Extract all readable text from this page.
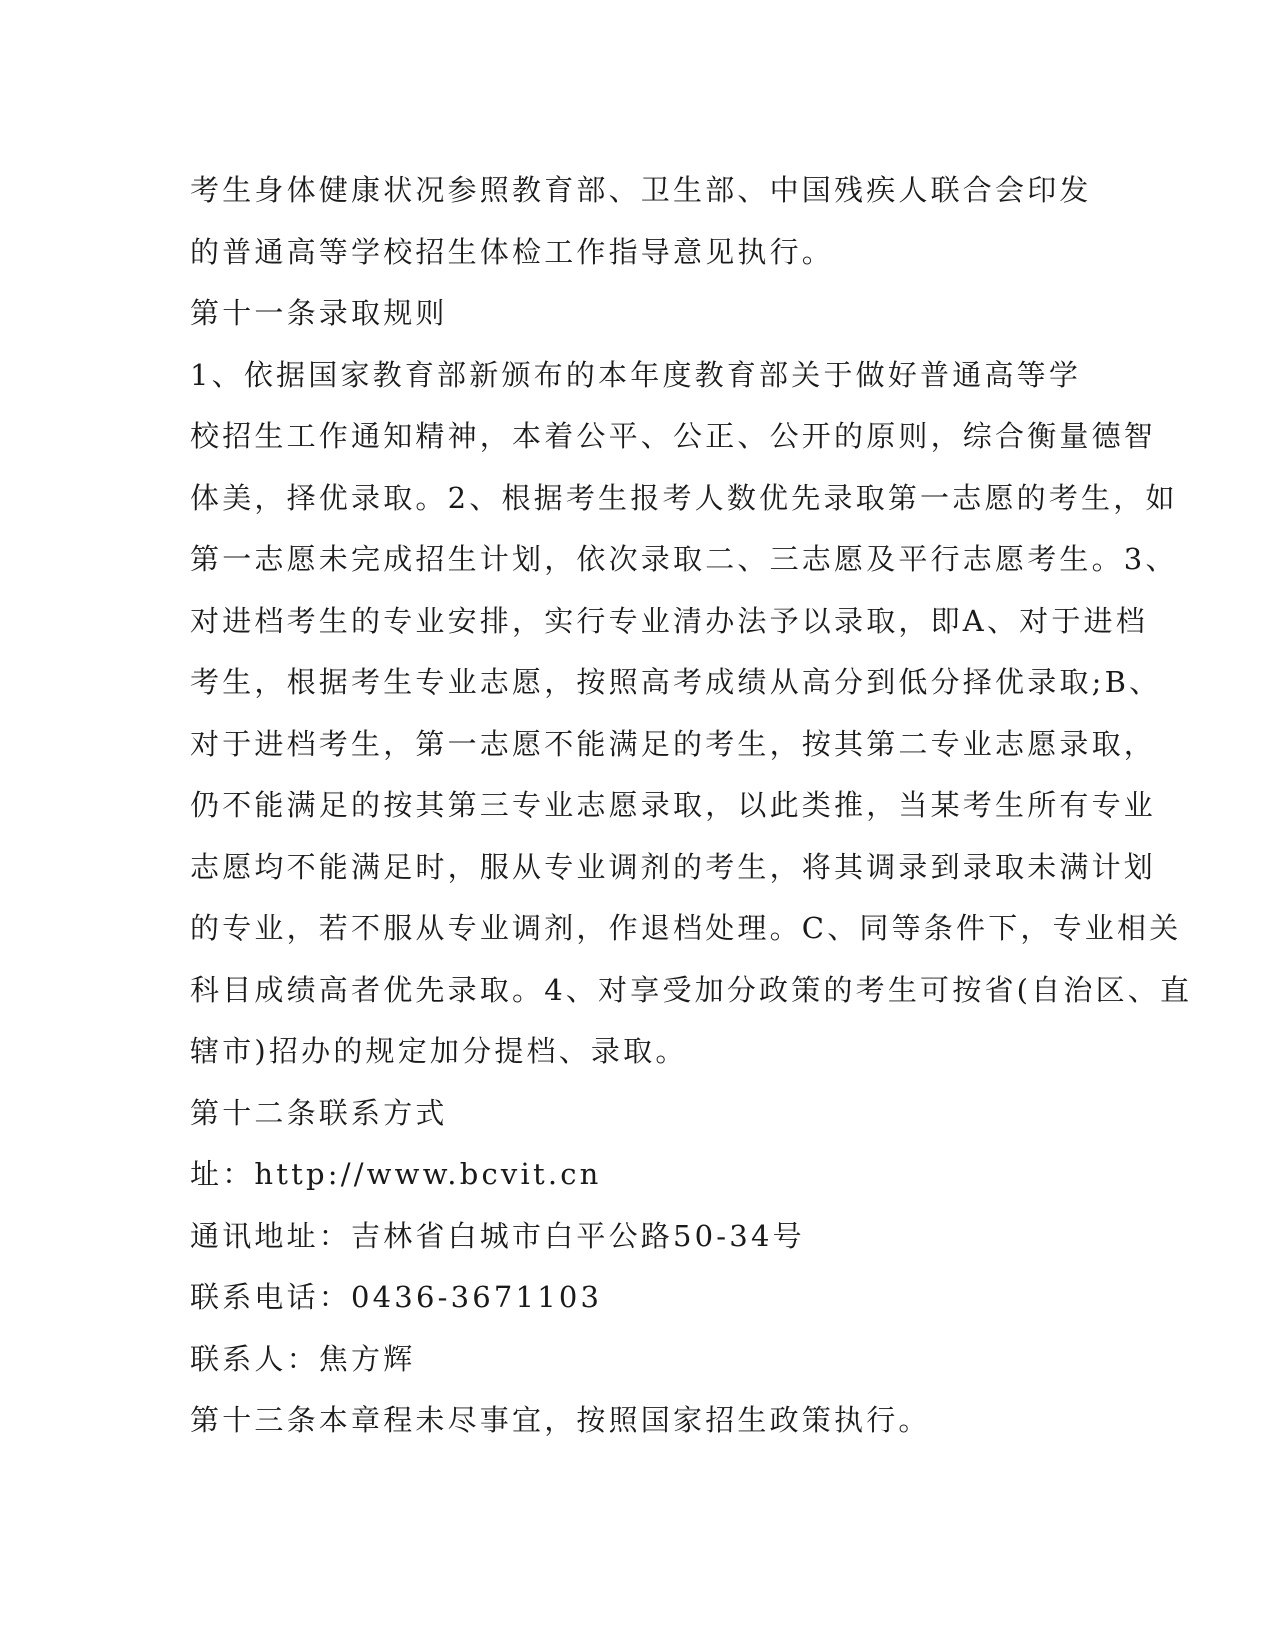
考生身体健康状况参照教育部、卫生部、中国残疾人联合会印发

的普通高等学校招生体检工作指导意见执行。

第十一条录取规则

1、依据国家教育部新颁布的本年度教育部关于做好普通高等学

校招生工作通知精神，本着公平、公正、公开的原则，综合衡量德智

体美，择优录取。2、根据考生报考人数优先录取第一志愿的考生，如

第一志愿未完成招生计划，依次录取二、三志愿及平行志愿考生。3、

对进档考生的专业安排，实行专业清办法予以录取，即A、对于进档

考生，根据考生专业志愿，按照高考成绩从高分到低分择优录取;B、

对于进档考生，第一志愿不能满足的考生，按其第二专业志愿录取，

仍不能满足的按其第三专业志愿录取，以此类推，当某考生所有专业

志愿均不能满足时，服从专业调剂的考生，将其调录到录取未满计划

的专业，若不服从专业调剂，作退档处理。C、同等条件下，专业相关

科目成绩高者优先录取。4、对享受加分政策的考生可按省(自治区、直

辖市)招办的规定加分提档、录取。

第十二条联系方式

址：http://www.bcvit.cn

通讯地址：吉林省白城市白平公路50-34号

联系电话：0436-3671103

联系人：焦方辉

第十三条本章程未尽事宜，按照国家招生政策执行。
